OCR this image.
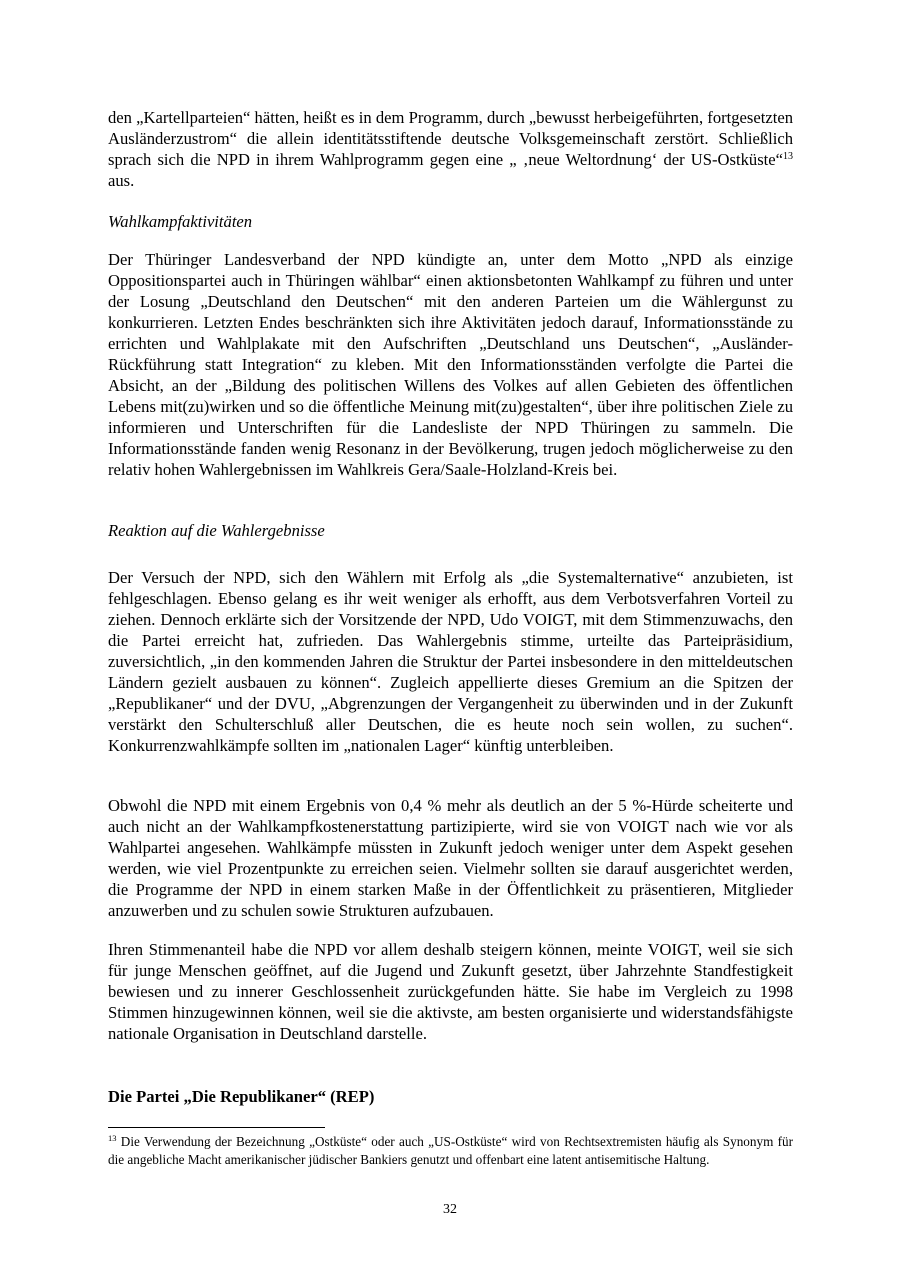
den „Kartellparteien“ hätten, heißt es in dem Programm, durch „bewusst herbeigeführten, fortgesetzten Ausländerzustrom“ die allein identitätsstiftende deutsche Volksgemeinschaft zerstört. Schließlich sprach sich die NPD in ihrem Wahlprogramm gegen eine „ ‚neue Weltordnung‘ der US-Ostküste“$^{13}$ aus.

Wahlkampfaktivitäten

Der Thüringer Landesverband der NPD kündigte an, unter dem Motto „NPD als einzige Oppositionspartei auch in Thüringen wählbar“ einen aktionsbetonten Wahlkampf zu führen und unter der Losung „Deutschland den Deutschen“ mit den anderen Parteien um die Wählergunst zu konkurrieren. Letzten Endes beschränkten sich ihre Aktivitäten jedoch darauf, Informationsstände zu errichten und Wahlplakate mit den Aufschriften „Deutschland uns Deutschen“, „Ausländer-Rückführung statt Integration“ zu kleben. Mit den Informationsständen verfolgte die Partei die Absicht, an der „Bildung des politischen Willens des Volkes auf allen Gebieten des öffentlichen Lebens mit(zu)wirken und so die öffentliche Meinung mit(zu)gestalten“, über ihre politischen Ziele zu informieren und Unterschriften für die Landesliste der NPD Thüringen zu sammeln. Die Informationsstände fanden wenig Resonanz in der Bevölkerung, trugen jedoch möglicherweise zu den relativ hohen Wahlergebnissen im Wahlkreis Gera/Saale-Holzland-Kreis bei.

Reaktion auf die Wahlergebnisse

Der Versuch der NPD, sich den Wählern mit Erfolg als „die Systemalternative“ anzubieten, ist fehlgeschlagen. Ebenso gelang es ihr weit weniger als erhofft, aus dem Verbotsverfahren Vorteil zu ziehen. Dennoch erklärte sich der Vorsitzende der NPD, Udo VOIGT, mit dem Stimmenzuwachs, den die Partei erreicht hat, zufrieden. Das Wahlergebnis stimme, urteilte das Parteipräsidium, zuversichtlich, „in den kommenden Jahren die Struktur der Partei insbesondere in den mitteldeutschen Ländern gezielt ausbauen zu können“. Zugleich appellierte dieses Gremium an die Spitzen der „Republikaner“ und der DVU, „Abgrenzungen der Vergangenheit zu überwinden und in der Zukunft verstärkt den Schulterschluß aller Deutschen, die es heute noch sein wollen, zu suchen“. Konkurrenzwahlkämpfe sollten im „nationalen Lager“ künftig unterbleiben.

Obwohl die NPD mit einem Ergebnis von 0,4 % mehr als deutlich an der 5 %-Hürde scheiterte und auch nicht an der Wahlkampfkostenerstattung partizipierte, wird sie von VOIGT nach wie vor als Wahlpartei angesehen. Wahlkämpfe müssten in Zukunft jedoch weniger unter dem Aspekt gesehen werden, wie viel Prozentpunkte zu erreichen seien. Vielmehr sollten sie darauf ausgerichtet werden, die Programme der NPD in einem starken Maße in der Öffentlichkeit zu präsentieren, Mitglieder anzuwerben und zu schulen sowie Strukturen aufzubauen.

Ihren Stimmenanteil habe die NPD vor allem deshalb steigern können, meinte VOIGT, weil sie sich für junge Menschen geöffnet, auf die Jugend und Zukunft gesetzt, über Jahrzehnte Standfestigkeit bewiesen und zu innerer Geschlossenheit zurückgefunden hätte. Sie habe im Vergleich zu 1998 Stimmen hinzugewinnen können, weil sie die aktivste, am besten organisierte und widerstandsfähigste nationale Organisation in Deutschland darstelle.

Die Partei „Die Republikaner“ (REP)

$^{13}$ Die Verwendung der Bezeichnung „Ostküste“ oder auch „US-Ostküste“ wird von Rechtsextremisten häufig als Synonym für die angebliche Macht amerikanischer jüdischer Bankiers genutzt und offenbart eine latent antisemitische Haltung.

32
